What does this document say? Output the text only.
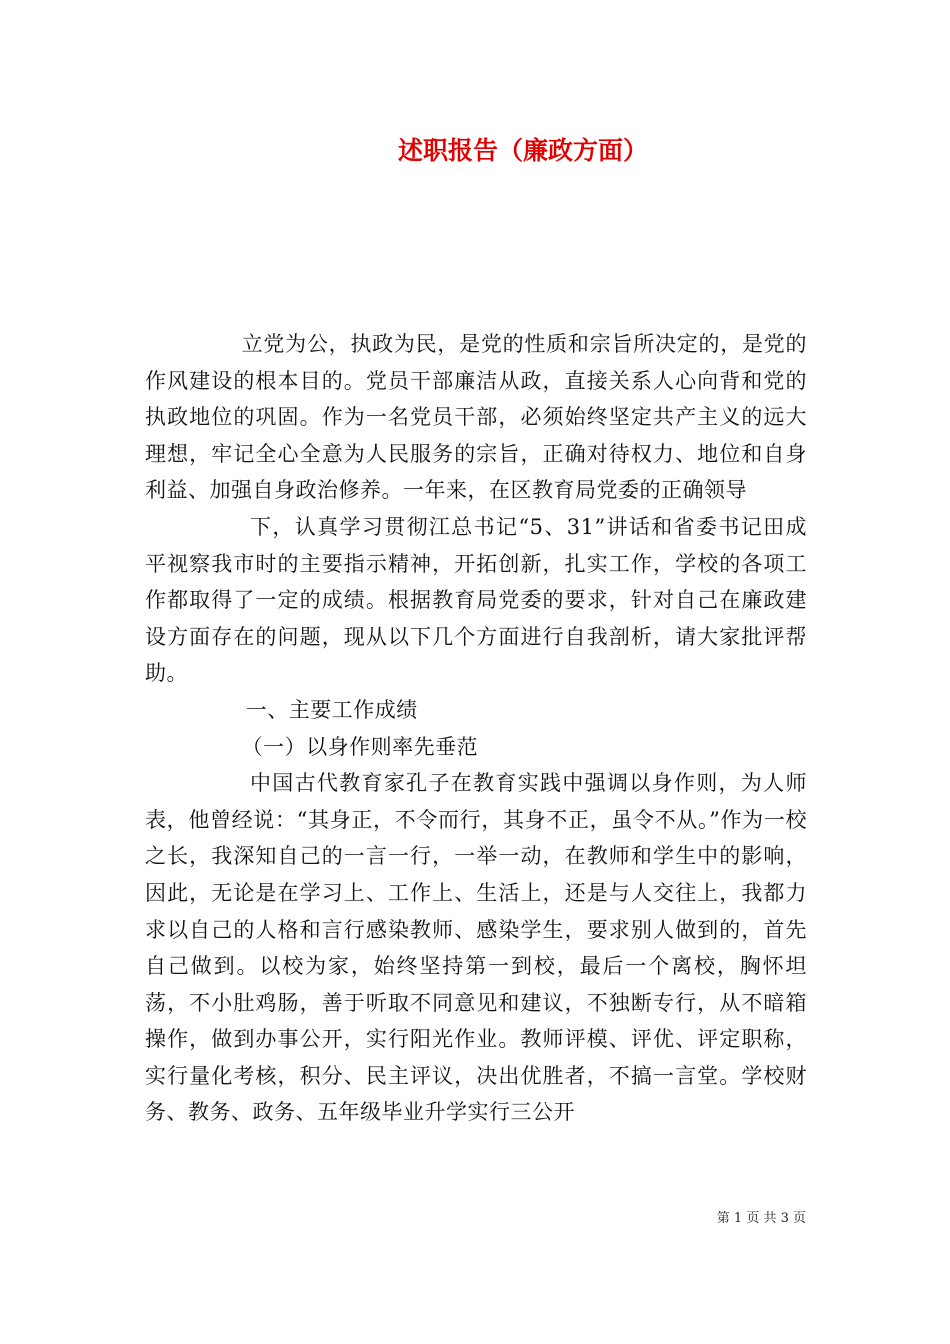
述职报告（廉政方面）

立党为公，执政为民，是党的性质和宗旨所决定的，是党的作风建设的根本目的。党员干部廉洁从政，直接关系人心向背和党的执政地位的巩固。作为一名党员干部，必须始终坚定共产主义的远大理想，牢记全心全意为人民服务的宗旨，正确对待权力、地位和自身利益、加强自身政治修养。一年来，在区教育局党委的正确领导

下，认真学习贯彻江总书记“5、31”讲话和省委书记田成平视察我市时的主要指示精神，开拓创新，扎实工作，学校的各项工作都取得了一定的成绩。根据教育局党委的要求，针对自己在廉政建设方面存在的问题，现从以下几个方面进行自我剖析，请大家批评帮助。

一、主要工作成绩

（一）以身作则率先垂范

中国古代教育家孔子在教育实践中强调以身作则，为人师表，他曾经说：“其身正，不令而行，其身不正，虽令不从。”作为一校之长，我深知自己的一言一行，一举一动，在教师和学生中的影响，因此，无论是在学习上、工作上、生活上，还是与人交往上，我都力求以自己的人格和言行感染教师、感染学生，要求别人做到的，首先自己做到。以校为家，始终坚持第一到校，最后一个离校，胸怀坦荡，不小肚鸡肠，善于听取不同意见和建议，不独断专行，从不暗箱操作，做到办事公开，实行阳光作业。教师评模、评优、评定职称，实行量化考核，积分、民主评议，决出优胜者，不搞一言堂。学校财务、教务、政务、五年级毕业升学实行三公开

第 1 页 共 3 页
